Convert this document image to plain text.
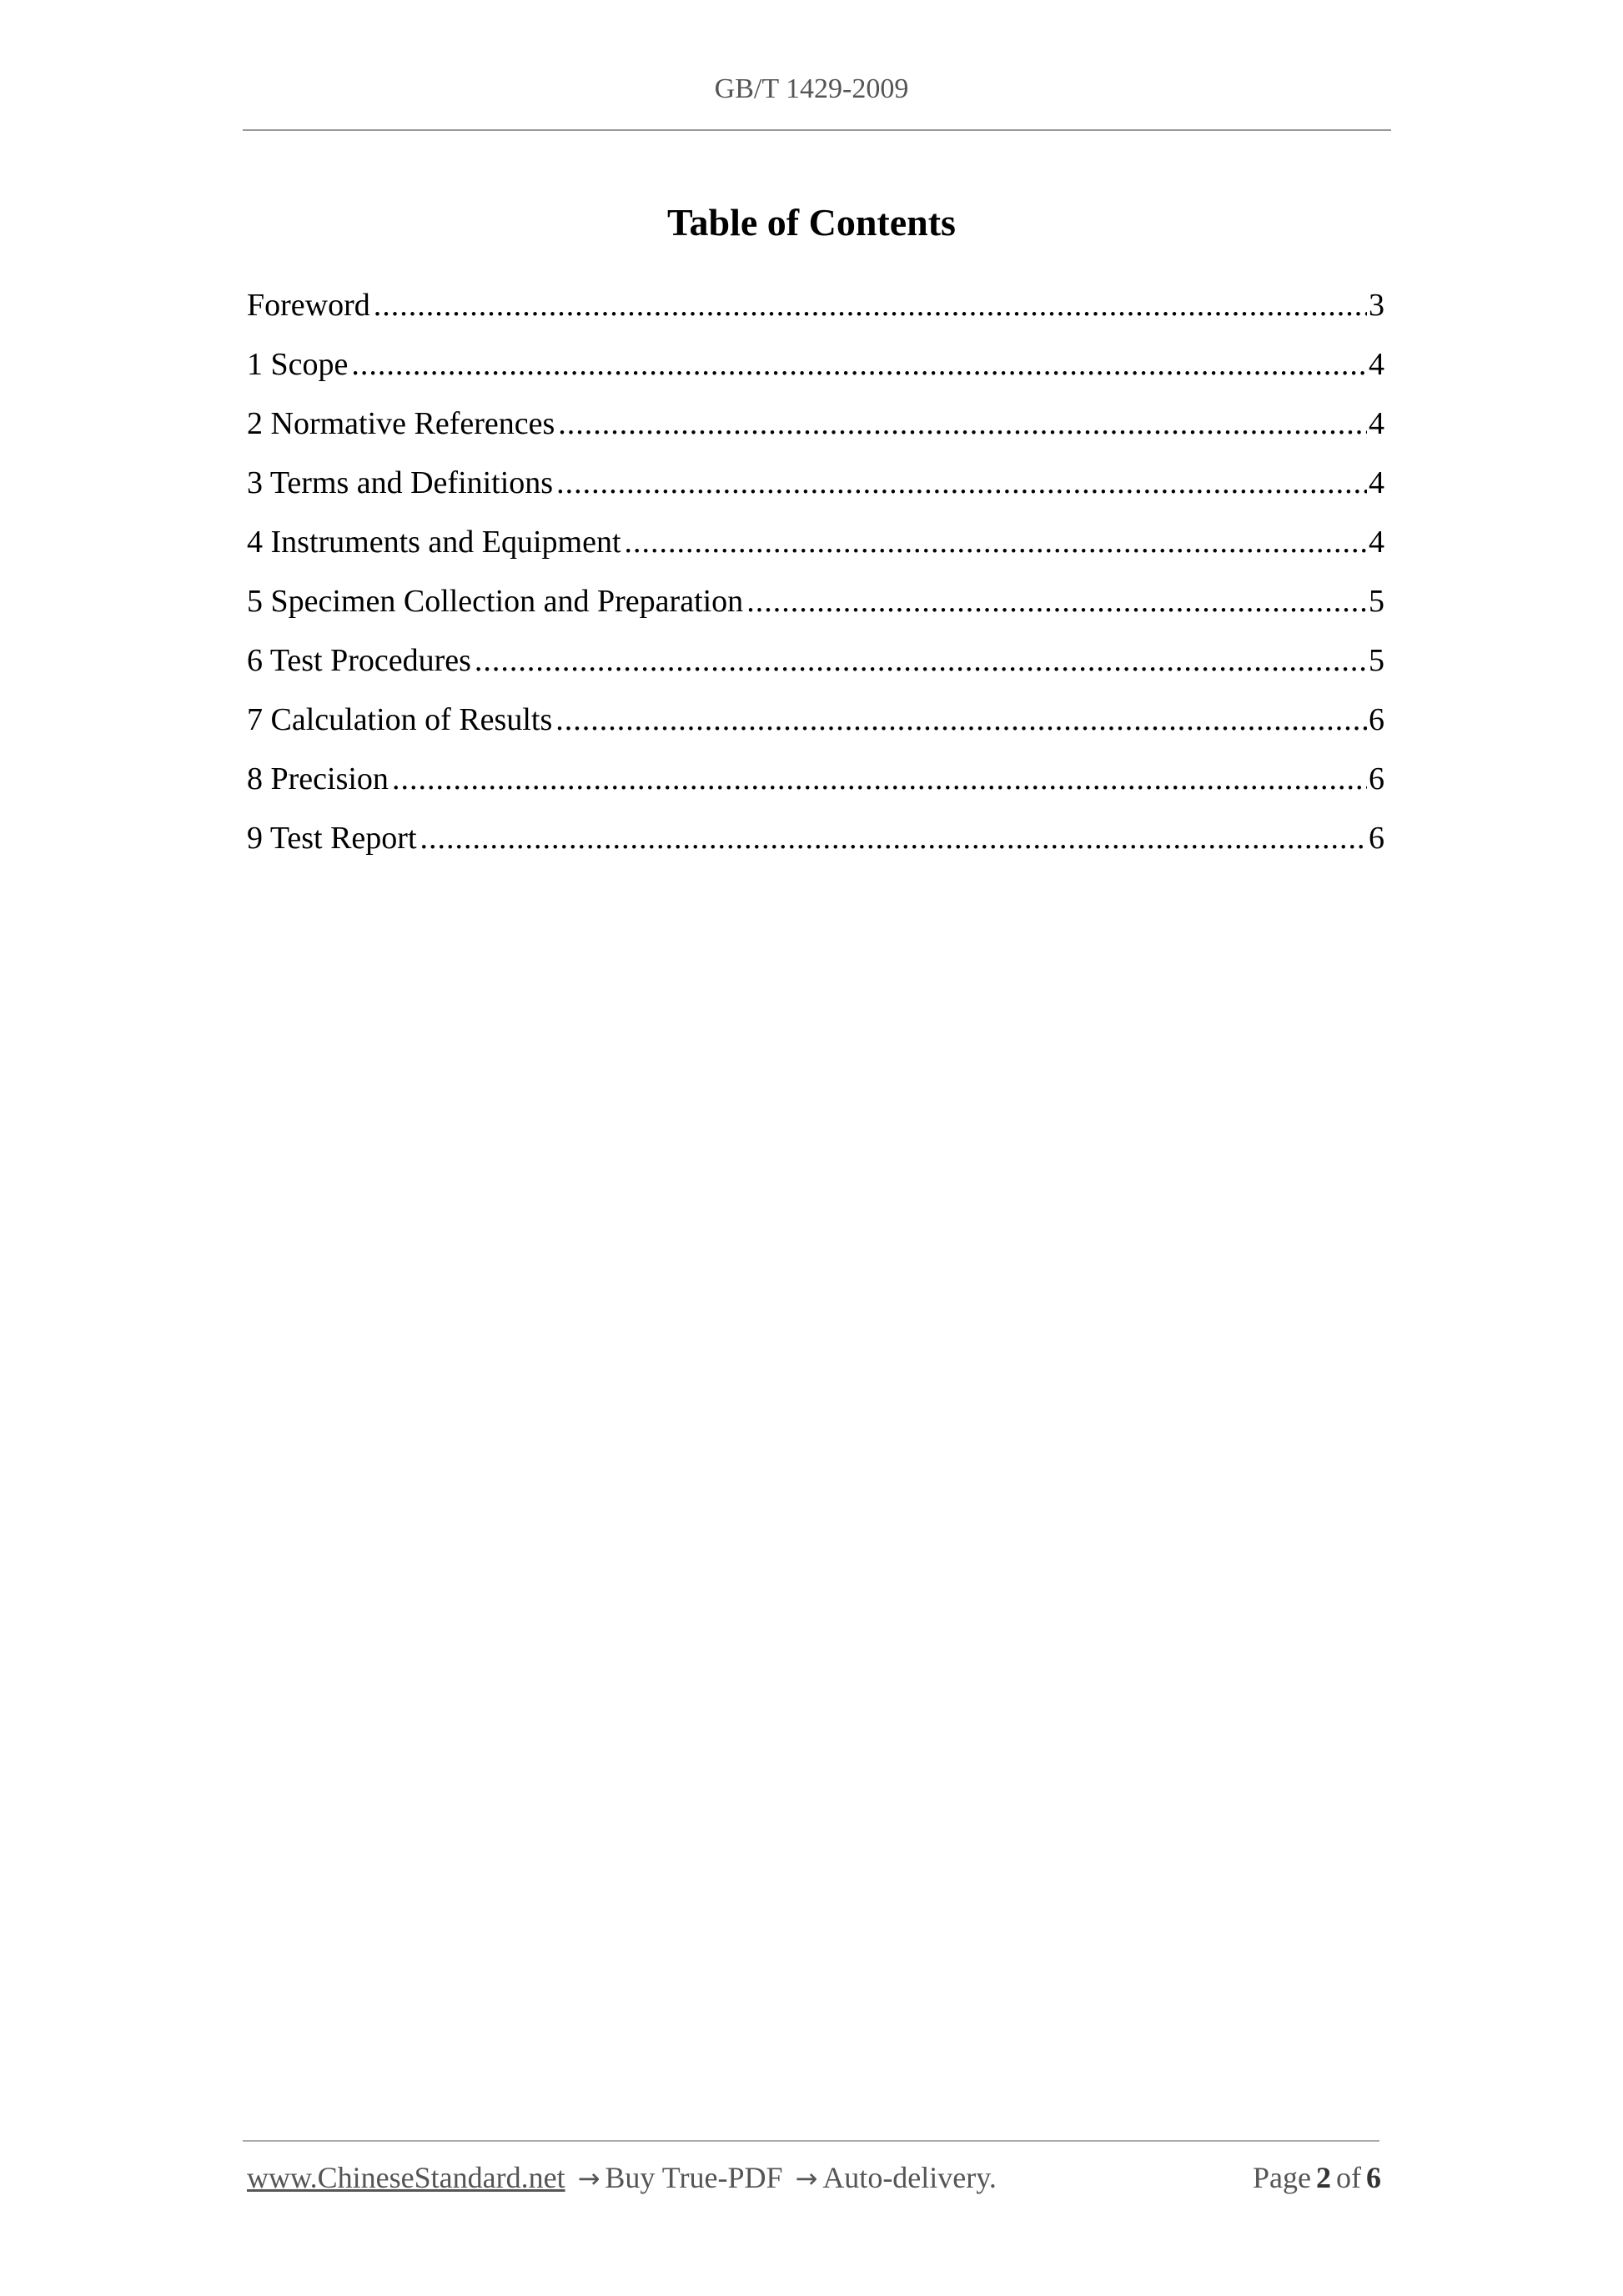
GB/T 1429-2009
Table of Contents
Foreword .....	3
1 Scope .....	4
2 Normative References .....	4
3 Terms and Definitions .....	4
4 Instruments and Equipment .....	4
5 Specimen Collection and Preparation .....	5
6 Test Procedures .....	5
7 Calculation of Results .....	6
8 Precision .....	6
9 Test Report .....	6
www.ChineseStandard.net → Buy True-PDF → Auto-delivery.	Page 2 of 6
